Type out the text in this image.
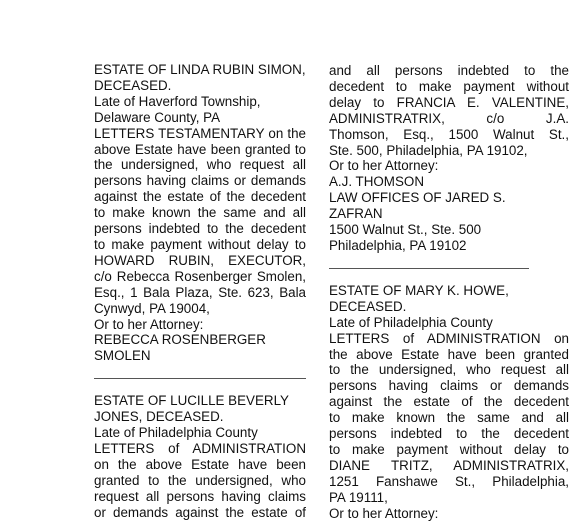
ESTATE OF LINDA RUBIN SIMON,
DECEASED.
Late of Haverford Township,
Delaware County, PA
LETTERS TESTAMENTARY on the
above Estate have been granted to
the undersigned, who request all
persons having claims or demands
against the estate of the decedent
to make known the same and all
persons indebted to the decedent
to make payment without delay to
HOWARD RUBIN, EXECUTOR,
c/o Rebecca Rosenberger Smolen,
Esq., 1 Bala Plaza, Ste. 623, Bala
Cynwyd, PA 19004,
Or to her Attorney:
REBECCA ROSENBERGER
SMOLEN
ESTATE OF LUCILLE BEVERLY
JONES, DECEASED.
Late of Philadelphia County
LETTERS of ADMINISTRATION
on the above Estate have been
granted to the undersigned, who
request all persons having claims
or demands against the estate of
and all persons indebted to the
decedent to make payment without
delay to FRANCIA E. VALENTINE,
ADMINISTRATRIX, c/o J.A.
Thomson, Esq., 1500 Walnut St.,
Ste. 500, Philadelphia, PA 19102,
Or to her Attorney:
A.J. THOMSON
LAW OFFICES OF JARED S.
ZAFRAN
1500 Walnut St., Ste. 500
Philadelphia, PA 19102
ESTATE OF MARY K. HOWE,
DECEASED.
Late of Philadelphia County
LETTERS of ADMINISTRATION on
the above Estate have been granted
to the undersigned, who request all
persons having claims or demands
against the estate of the decedent
to make known the same and all
persons indebted to the decedent
to make payment without delay to
DIANE TRITZ, ADMINISTRATRIX,
1251 Fanshawe St., Philadelphia,
PA 19111,
Or to her Attorney:
